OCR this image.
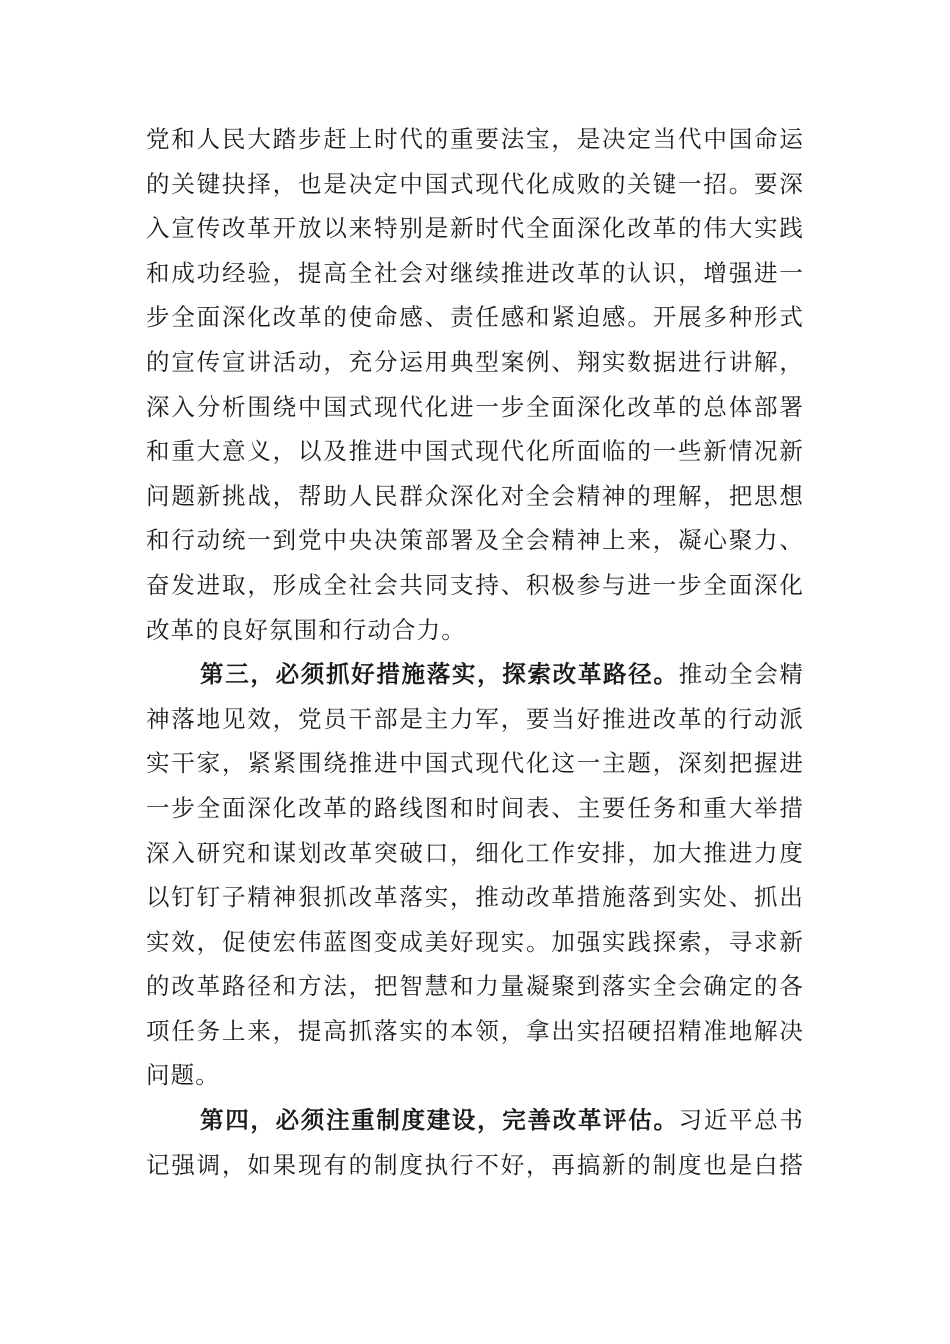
党和人民大踏步赶上时代的重要法宝，是决定当代中国命运
的关键抉择，也是决定中国式现代化成败的关键一招。要深
入宣传改革开放以来特别是新时代全面深化改革的伟大实践
和成功经验，提高全社会对继续推进改革的认识，增强进一
步全面深化改革的使命感、责任感和紧迫感。开展多种形式
的宣传宣讲活动，充分运用典型案例、翔实数据进行讲解，
深入分析围绕中国式现代化进一步全面深化改革的总体部署
和重大意义，以及推进中国式现代化所面临的一些新情况新
问题新挑战，帮助人民群众深化对全会精神的理解，把思想
和行动统一到党中央决策部署及全会精神上来，凝心聚力、
奋发进取，形成全社会共同支持、积极参与进一步全面深化
改革的良好氛围和行动合力。
第三，必须抓好措施落实，探索改革路径。推动全会精
神落地见效，党员干部是主力军，要当好推进改革的行动派
实干家，紧紧围绕推进中国式现代化这一主题，深刻把握进
一步全面深化改革的路线图和时间表、主要任务和重大举措
深入研究和谋划改革突破口，细化工作安排，加大推进力度
以钉钉子精神狠抓改革落实，推动改革措施落到实处、抓出
实效，促使宏伟蓝图变成美好现实。加强实践探索，寻求新
的改革路径和方法，把智慧和力量凝聚到落实全会确定的各
项任务上来，提高抓落实的本领，拿出实招硬招精准地解决
问题。
第四，必须注重制度建设，完善改革评估。习近平总书
记强调，如果现有的制度执行不好，再搞新的制度也是白搭
